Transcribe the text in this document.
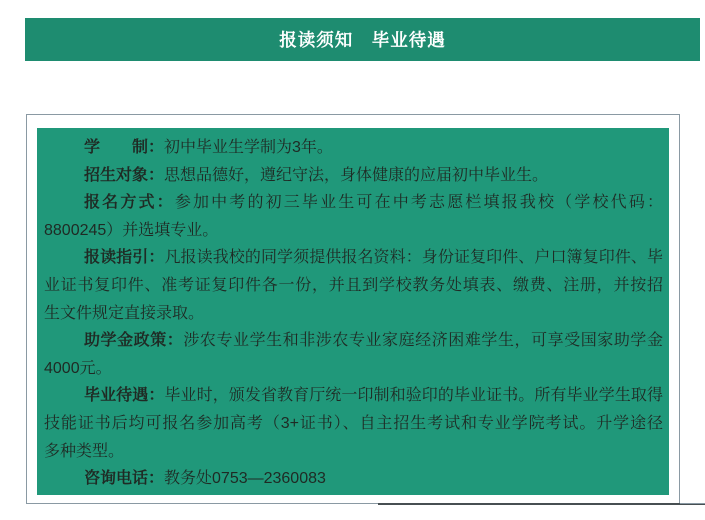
报读须知　毕业待遇
学　　制：初中毕业生学制为3年。
招生对象：思想品德好，遵纪守法，身体健康的应届初中毕业生。
报名方式：参加中考的初三毕业生可在中考志愿栏填报我校（学校代码：
8800245）并选填专业。
报读指引：凡报读我校的同学须提供报名资料：身份证复印件、户口簿复印件、毕
业证书复印件、准考证复印件各一份，并且到学校教务处填表、缴费、注册，并按招
生文件规定直接录取。
助学金政策：涉农专业学生和非涉农专业家庭经济困难学生，可享受国家助学金
4000元。
毕业待遇：毕业时，颁发省教育厅统一印制和验印的毕业证书。所有毕业学生取得
技能证书后均可报名参加高考（3+证书）、自主招生考试和专业学院考试。升学途径
多种类型。
咨询电话：教务处0753—2360083
